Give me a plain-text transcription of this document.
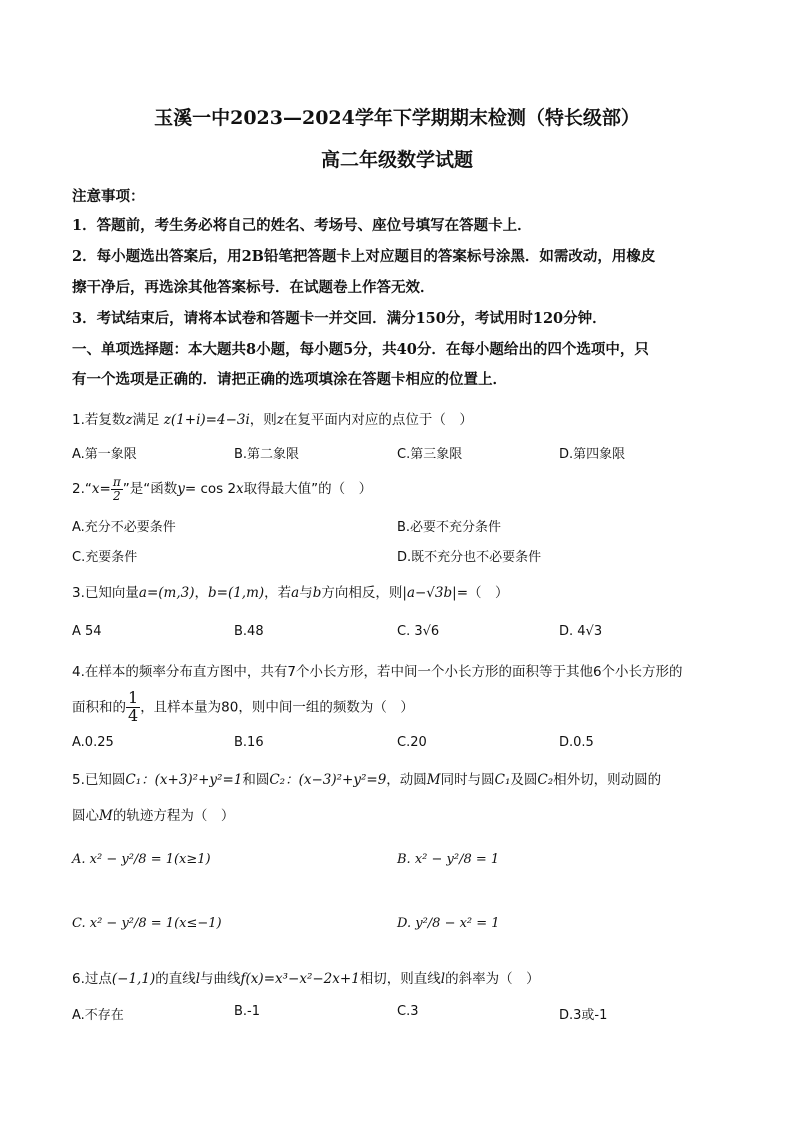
玉溪一中2023—2024学年下学期期末检测（特长级部）
高二年级数学试题
注意事项：
1．答题前，考生务必将自己的姓名、考场号、座位号填写在答题卡上．
2．每小题选出答案后，用2B铅笔把答题卡上对应题目的答案标号涂黑．如需改动，用橡皮
擦干净后，再选涂其他答案标号．在试题卷上作答无效．
3．考试结束后，请将本试卷和答题卡一并交回．满分150分，考试用时120分钟．
一、单项选择题：本大题共8小题，每小题5分，共40分．在每小题给出的四个选项中，只
有一个选项是正确的．请把正确的选项填涂在答题卡相应的位置上．
1.若复数z满足 z(1+i)=4−3i，则z在复平面内对应的点位于（　）
A.第一象限	B.第二象限	C.第三象限	D.第四象限
2.“x= $\frac{\pi}{2}$ ”是“函数y= cos 2x取得最大值”的（　）
A.充分不必要条件	B.必要不充分条件
C.充要条件	D.既不充分也不必要条件
3.已知向量a=(m,3)，b=(1,m)，若a与b方向相反，则|a−√3b|=（　）
A 54	B.48	C. 3√6	D. 4√3
4.在样本的频率分布直方图中，共有7个小长方形，若中间一个小长方形的面积等于其他6个小长方形的
面积和的 $\frac{1}{4}$ ，且样本量为80，则中间一组的频数为（　）
A.0.25	B.16	C.20	D.0.5
5.已知圆C₁：(x+3)²+y²=1和圆C₂：(x−3)²+y²=9，动圆M同时与圆C₁及圆C₂相外切，则动圆的
圆心M的轨迹方程为（　）
A. x² − y²/8 = 1(x≥1)	B. x² − y²/8 = 1
C. x² − y²/8 = 1(x≤−1)	D. y²/8 − x² = 1
6.过点(−1,1)的直线l与曲线f(x)=x³−x²−2x+1相切，则直线l的斜率为（　）
A.不存在	B.-1	C.3	D.3或-1
